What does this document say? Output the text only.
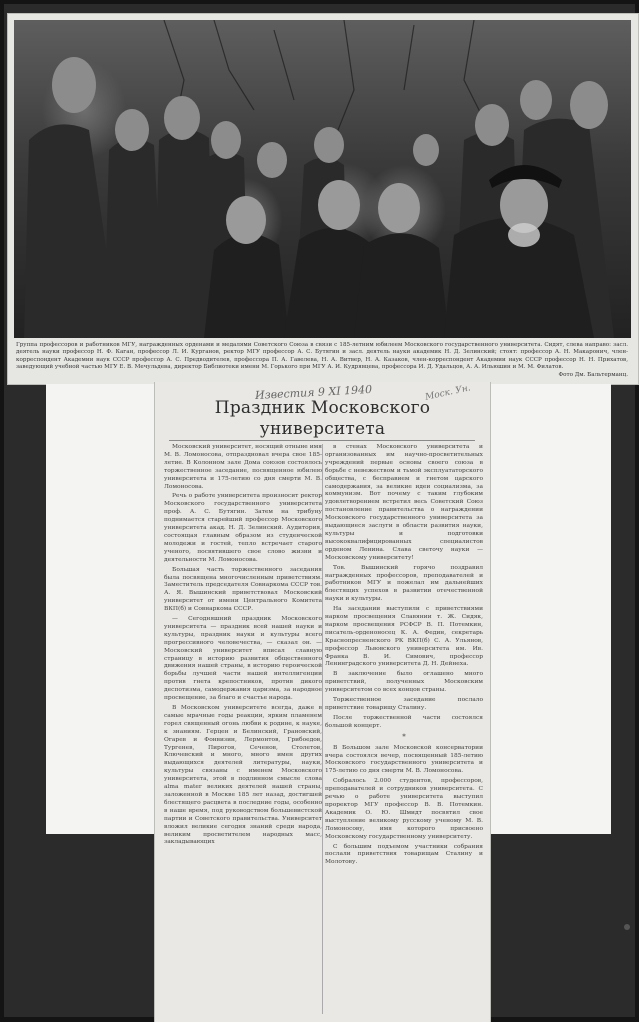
Группа профессоров и работников МГУ, награжденных орденами и медалями Советского Союза в связи с 185-летним юбилеем Московского государственного университета. Сидят, слева направо: засл. деятель науки профессор Н. Ф. Каган, профессор Л. И. Курганов, ректор МГУ профессор А. С. Бутягин и засл. деятель науки академик Н. Д. Зелинский; стоят: профессор А. Н. Макаронич, член-корреспондент Академии наук СССР профессор А. С. Предводителев, профессора П. А. Гавелева, Н. А. Витвер, Н. А. Казаков, член-корреспондент Академии наук СССР профессор Н. Н. Прихатов, заведующий учебной частью МГУ Е. В. Мечульдева, директор Библиотеки имени М. Горького при МГУ А. И. Кудрявцева, профессора И. Д. Удальцов, А. А. Ильюшин и М. М. Филатов.
Фото Дм. Бальтерманц.
Известия 9 XI 1940	Моск. Ун.
Праздник Московского университета

Московский университет, носящий отныне имя М. В. Ломоносова, отпраздновал вчера свое 185-летие. В Колонном зале Дома союзов состоялось торжественное заседание, посвященное юбилею университета и 175-летию со дня смерти М. В. Ломоносова.

Речь о работе университета произносит ректор Московского государственного университета проф. А. С. Бутягин. Затем на трибуну поднимается старейший профессор Московского университета акад. Н. Д. Зелинский. Аудитория, состоящая главным образом из студенческой молодежи и гостей, тепло встречает старого ученого, посвятившего свое слово жизни и деятельности М. Ломоносова.

Большая часть торжественного заседания была посвящена многочисленным приветствиям. Заместитель председателя Совнаркома СССР тов. А. Я. Вышинский приветствовал Московский университет от имени Центрального Комитета ВКП(б) и Совнаркома СССР.

— Сегодняшний праздник Московского университета — праздник всей нашей науки и культуры, праздник науки и культуры всего прогрессивного человечества, — сказал он. — Московский университет вписал славную страницу в историю развития общественного движения нашей страны, в историю героической борьбы лучшей части нашей интеллигенции против гнета крепостников, против дикого деспотизма, самодержавия царизма, за народное просвещение, за благо и счастье народа.

В Московском университете всегда, даже в самые мрачные годы реакции, ярким пламенем горел священный огонь любви к родине, к науке, к знаниям. Герцен и Белинский, Грановский, Огарев и Фонвизин, Лермонтов, Грибоедов, Тургенев, Пирогов, Сеченов, Столетов, Ключевский и много, много имен других выдающихся деятелей литературы, науки, культуры связаны с именем Московского университета, этой в подлинном смысле слова alma mater великих деятелей нашей страны, заложенной в Москве 185 лет назад, достигшей блестящего расцвета в последние годы, особенно в наше время, под руководством большевистской партии и Советского правительства. Университет вложил великие сегодня знаний среди народа, великим просветителем народных масс, закладывающих

в стенах Московского университета и организованных им научно-просветительных учреждений первые основы своего союза в борьбе с невежеством и тьмой эксплуататорского общества, с бесправием и гнетом царского самодержавия, за великие идеи социализма, за коммунизм. Вот почему с таким глубоким удовлетворением встретил весь Советский Союз постановление правительства о награждении Московского государственного университета за выдающиеся заслуги в области развития науки, культуры и подготовки высококвалифицированных специалистов орденом Ленина. Слава светочу науки — Московскому университету!

Тов. Вышинский горячо поздравил награжденных профессоров, преподавателей и работников МГУ и пожелал им дальнейших блестящих успехов в развитии отечественной науки и культуры.

На заседании выступили с приветствиями нарком просвещения Славянии т. Ж. Сидяк, нарком просвещения РСФСР В. П. Потемкин, писатель-орденоносец К. А. Федин, секретарь Краснопресненского РК ВКП(б) С. А. Ульянов, профессор Львовского университета им. Ив. Франка В. И. Симович, профессор Ленинградского университета Д. Н. Дейнеха.

В заключение было оглашено много приветствий, полученных Московским университетом со всех концов страны.

Торжественное заседание послало приветствие товарищу Сталину.

После торжественной части состоялся большой концерт.

*

В Большом зале Московской консерватории вчера состоялся вечер, посвященный 185-летию Московского государственного университета и 175-летию со дня смерти М. В. Ломоносова.

Собралось 2.000 студентов, профессоров, преподавателей и сотрудников университета. С речью о работе университета выступил проректор МГУ профессор В. В. Потемкин. Академик О. Ю. Шмидт посвятил свое выступление великому русскому ученому М. В. Ломоносову, имя которого присвоено Московскому государственному университету.

С большим подъемом участники собрания послали приветствия товарищам Сталину и Молотову.
